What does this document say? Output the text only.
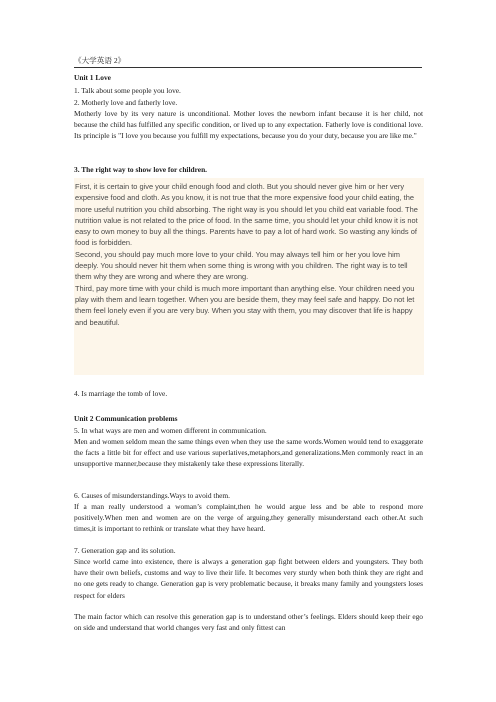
《大学英语 2》
Unit 1 Love
1. Talk about some people you love.
2. Motherly love and fatherly love.
Motherly love by its very nature is unconditional. Mother loves the newborn infant because it is her child, not because the child has fulfilled any specific condition, or lived up to any expectation. Fatherly love is conditional love. Its principle is "I love you because you fulfill my expectations, because you do your duty, because you are like me."
3. The right way to show love for children.

First, it is certain to give your child enough food and cloth. But you should never give him or her very expensive food and cloth. As you know, it is not true that the more expensive food your child eating, the more useful nutrition you child absorbing. The right way is you should let you child eat variable food. The nutrition value is not related to the price of food. In the same time, you should let your child know it is not easy to own money to buy all the things. Parents have to pay a lot of hard work. So wasting any kinds of food is forbidden.

Second, you should pay much more love to your child. You may always tell him or her you love him deeply. You should never hit them when some thing is wrong with you children. The right way is to tell them why they are wrong and where they are wrong.

Third, pay more time with your child is much more important than anything else. Your children need you play with them and learn together. When you are beside them, they may feel safe and happy. Do not let them feel lonely even if you are very buy. When you stay with them, you may discover that life is happy and beautiful.

4. Is marriage the tomb of love.
Unit 2 Communication problems
5. In what ways are men and women different in communication.
Men and women seldom mean the same things even when they use the same words.Women would tend to exaggerate the facts a little bit for effect and use various superlatives,metaphors,and generalizations.Men commonly react in an unsupportive manner,because they mistakenly take these expressions literally.
6. Causes of misunderstandings.Ways to avoid them.
If a man really understood a woman’s complaint,then he would argue less and be able to respond more positively.When men and women are on the verge of arguing,they generally misunderstand each other.At such times,it is important to rethink or translate what they have heard.
7. Generation gap and its solution.
Since world came into existence, there is always a generation gap fight between elders and youngsters. They both have their own beliefs, customs and way to live their life. It becomes very sturdy when both think they are right and no one gets ready to change. Generation gap is very problematic because, it breaks many family and youngsters loses respect for elders
The main factor which can resolve this generation gap is to understand other’s feelings. Elders should keep their ego on side and understand that world changes very fast and only fittest can
